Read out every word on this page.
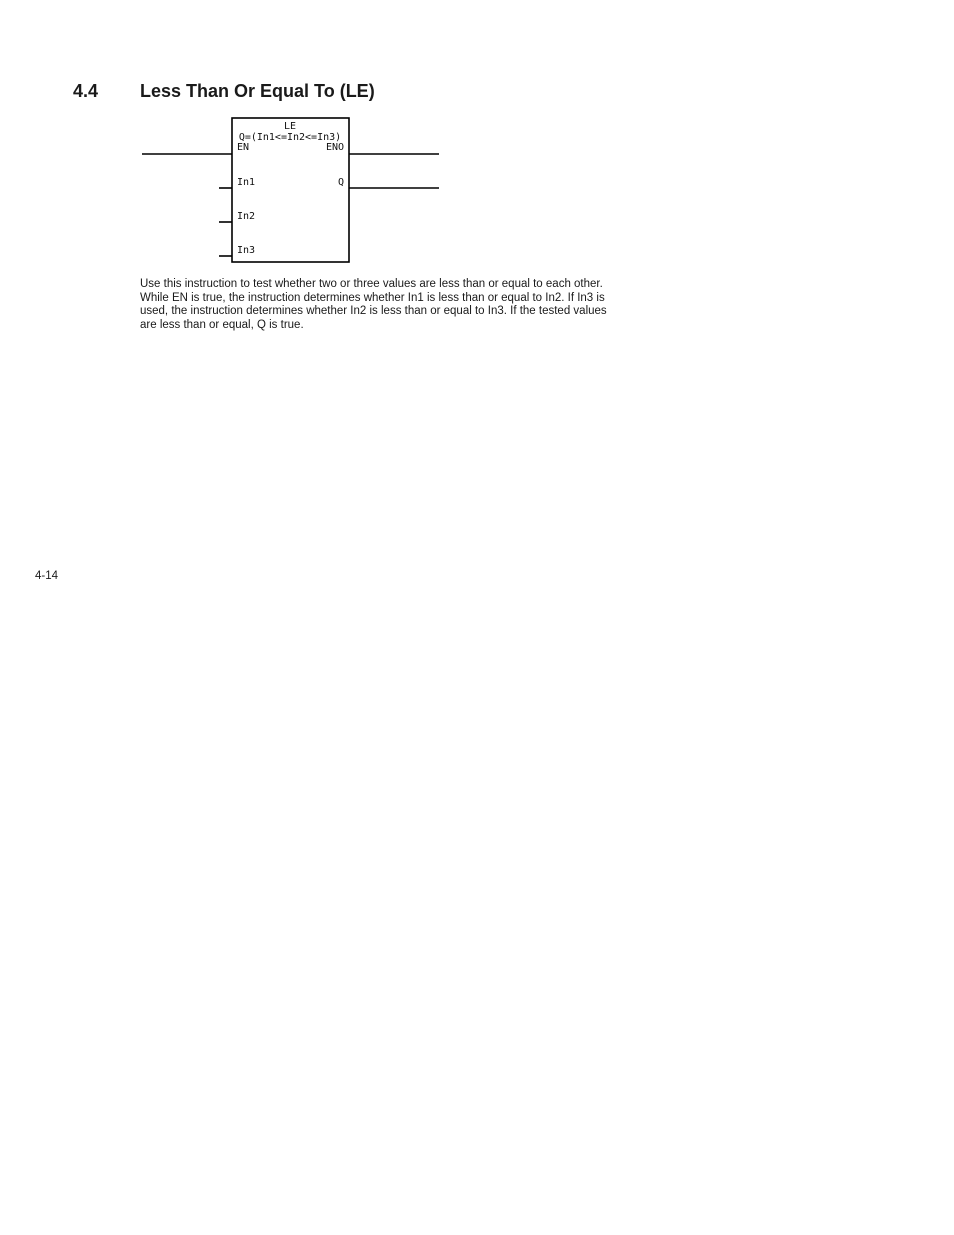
4.4 Less Than Or Equal To (LE)
LE
Q=(In1<=In2<=In3)
EN
In1
In2
In3
ENO
Q

Use this instruction to test whether two or three values are less than or equal to each other. While EN is true, the instruction determines whether In1 is less than or equal to In2. If In3 is used, the instruction determines whether In2 is less than or equal to In3. If the tested values are less than or equal, Q is true.

4-14
